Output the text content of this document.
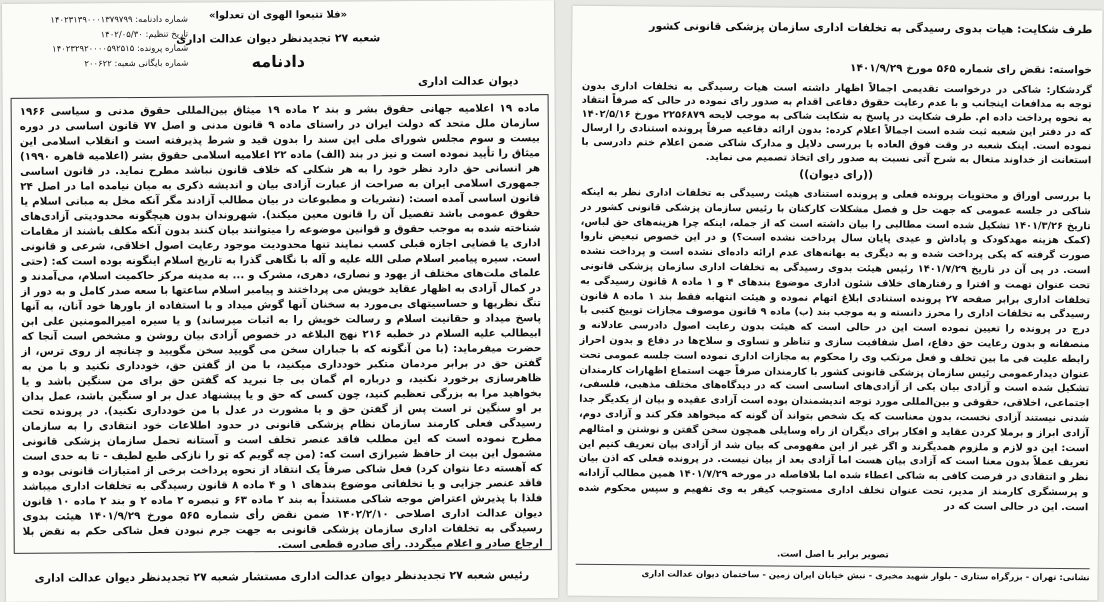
«فلا تتبعوا الهوی ان تعدلوا»
شعبه ۲۷ تجدیدنظر دیوان عدالت اداری
دادنامه
دیوان عدالت اداری
شماره دادنامه: ۱۴۰۲۳۱۳۹۰۰۰۱۳۷۹۷۹۹
تاریخ تنظیم: ۱۴۰۲/۰۵/۳۰
شماره پرونده: ۱۴۰۲۳۲۹۲۰۰۰۰۵۹۲۵۱۵
شماره بایگانی شعبه: ۲۰۰۶۲۲
ماده ۱۹ اعلامیه جهانی حقوق بشر و بند ۲ ماده ۱۹ میثاق بین‌المللی حقوق مدنی و سیاسی ۱۹۶۶ سازمان ملل متحد که دولت ایران در راستای ماده ۹ قانون مدنی و اصل ۷۷ قانون اساسی در دوره بیست و سوم مجلس شورای ملی این سند را بدون قید و شرط پذیرفته است و انقلاب اسلامی این میثاق را تأیید نموده است و نیز در بند (الف) ماده ۲۲ اعلامیه اسلامی حقوق بشر (اعلامیه قاهره ۱۹۹۰) هر انسانی حق دارد نظر خود را به هر شکلی که خلاف قانون نباشد مطرح نماید. در قانون اساسی جمهوری اسلامی ایران به صراحت از عبارت آزادی بیان و اندیشه ذکری به میان نیامده اما در اصل ۲۴ قانون اساسی آمده است: (نشریات و مطبوعات در بیان مطالب آزادند مگر آنکه مخل به مبانی اسلام یا حقوق عمومی باشد تفصیل آن را قانون معین میکند). شهروندان بدون هیچگونه محدودیتی آزادی‌های شناخته شده به موجب حقوق و قوانین موضوعه را میتوانند بیان کنند بدون آنکه مکلف باشند از مقامات اداری یا قضایی اجازه قبلی کسب نمایند تنها محدودیت موجود رعایت اصول اخلاقی، شرعی و قانونی است. سیره پیامبر اسلام صلی الله علیه و آله با نگاهی گذرا به تاریخ اسلام اینگونه بوده است که: (حتی علمای ملت‌های مختلف از یهود و نصاری، دهری، مشرک و ... به مدینه مرکز حاکمیت اسلام، می‌آمدند و در کمال آزادی به اظهار عقاید خویش می پرداختند و پیامبر اسلام ساعتها با سعه صدر کامل و به دور از تنگ نظریها و حساسیتهای بی‌مورد به سخنان آنها گوش میداد و با استفاده از باورها خود آنان، به آنها پاسخ میداد و حقانیت اسلام و رسالت خویش را به اثبات میرساند) و یا سیره امیرالمومنین علی ابن ابیطالب علیه السلام در خطبه ۲۱۶ نهج البلاغه در خصوص آزادی بیان روشن و مشخص است آنجا که حضرت میفرماید: (با من آنگونه که با جباران سخن می گویید سخن مگویید و چنانچه از روی ترس، از گفتن حق در برابر مردمان متکبر خودداری میکنید، با من از گفتن حق، خودداری نکنید و با من به ظاهرسازی برخورد نکنید، و درباره ام گمان بی جا نبرید که گفتن حق برای من سنگین باشد و یا بخواهید مرا به بزرگی تعظیم کنید، چون کسی که حق و یا پیشنهاد عدل بر او سنگین باشد، عمل بدان بر او سنگین تر است پس از گفتن حق و یا مشورت در عدل با من خودداری نکنید). در پرونده تحت رسیدگی فعلی کارمند سازمان نظام پزشکی قانونی در حدود اطلاعات خود انتقادی را به سازمان مطرح نموده است که این مطلب فاقد عنصر تخلف است و آستانه تحمل سازمان پزشکی قانونی مشمول این بیت از حافظ شیرازی است که: (من چه گویم که تو را نازکی طبع لطیف - تا به حدی است که آهسته دعا نتوان کرد) فعل شاکی صرفاً یک انتقاد از نحوه پرداخت برخی از امتیازات قانونی بوده و فاقد عنصر جزایی و یا تخلفاتی موضوع بندهای ۱ و ۴ ماده ۸ قانون رسیدگی به تخلفات اداری میباشد فلذا با پذیرش اعتراض موجه شاکی مستنداً به بند ۲ ماده ۶۳ و تبصره ۲ ماده ۲ و بند ۲ ماده ۱۰ قانون دیوان عدالت اداری اصلاحی ۱۴۰۲/۲/۱۰ ضمن نقض رأی شماره ۵۶۵ مورخ ۱۴۰۱/۹/۲۹ هیئت بدوی رسیدگی به تخلفات اداری سازمان پزشکی قانونی به جهت جرم نبودن فعل شاکی حکم به نقض بلا ارجاع صادر و اعلام میگردد. رأی صادره قطعی است.
رئیس شعبه ۲۷ تجدیدنظر دیوان عدالت اداری مستشار شعبه ۲۷ تجدیدنظر دیوان عدالت اداری
طرف شکایت: هیات بدوی رسیدگی به تخلفات اداری سازمان پزشکی قانونی کشور
خواسته: نقض رای شماره ۵۶۵ مورخ ۱۴۰۱/۹/۲۹
گردشکار: شاکی در درخواست تقدیمی اجمالاً اظهار داشته است هیات رسیدگی به تخلفات اداری بدون توجه به مدافعات اینجانب و با عدم رعایت حقوق دفاعی اقدام به صدور رای نموده در حالی که صرفاً انتقاد به نحوه پرداخت داده ام. طرف شکایت در پاسخ به شکایت شاکی به موجب لایحه ۲۲۵۶۸۷۹ مورخ ۱۴۰۲/۵/۱۶ که در دفتر این شعبه ثبت شده است اجمالاً اعلام کرده: بدون ارائه دفاعیه صرفاً پرونده استنادی را ارسال نموده است. اینک شعبه در وقت فوق العاده با بررسی دلایل و مدارک شاکی ضمن اعلام ختم دادرسی با استعانت از خداوند متعال به شرح آتی نسبت به صدور رای اتخاذ تصمیم می نماید.
((رای دیوان))
با بررسی اوراق و محتویات پرونده فعلی و پرونده استنادی هیئت رسیدگی به تخلفات اداری نظر به اینکه شاکی در جلسه عمومی که جهت حل و فصل مشکلات کارکنان با رئیس سازمان پزشکی قانونی کشور در تاریخ ۱۴۰۱/۳/۲۶ تشکیل شده است مطالبی را بیان داشته است که از جمله، اینکه چرا هزینه‌های حق لباس، (کمک هزینه مهدکودک و پاداش و عیدی پایان سال پرداخت نشده است؟) و در این خصوص تبعیض ناروا صورت گرفته که یکی پرداخت شده و به دیگری به بهانه‌های عدم ارائه داده‌ای نشده است و پرداخت نشده است. در پی آن در تاریخ ۱۴۰۱/۷/۲۹ رئیس هیئت بدوی رسیدگی به تخلفات اداری سازمان پزشکی قانونی تحت عنوان تهمت و افترا و رفتارهای خلاف شئون اداری موضوع بندهای ۴ و ۱ ماده ۸ قانون رسیدگی به تخلفات اداری برابر صفحه ۲۷ پرونده استنادی ابلاغ اتهام نموده و هیئت انتهابه فقط بند ۱ ماده ۸ قانون رسیدگی به تخلفات اداری را محرز دانسته و به موجب بند (ب) ماده ۹ قانون موصوف مجازات توبیخ کتبی با درج در پرونده را تعیین نموده است این در حالی است که هیئت بدون رعایت اصول دادرسی عادلانه و منصفانه و بدون رعایت حق دفاع، اصل شفافیت سازی و تناظر و تساوی و سلاح‌ها در دفاع و بدون احراز رابطه علیت فی ما بین تخلف و فعل مرتکب وی را محکوم به مجازات اداری نموده است جلسه عمومی تحت عنوان دیدارعمومی رئیس سازمان پزشکی قانونی کشور با کارمندان صرفاً جهت استماع اظهارات کارمندان تشکیل شده است و آزادی بیان یکی از آزادی‌های اساسی است که در دیدگاه‌های مختلف مذهبی، فلسفی، اجتماعی، اخلاقی، حقوقی و بین‌المللی مورد توجه اندیشمندان بوده است آزادی عقیده و بیان از یکدیگر جدا شدنی نیستند آزادی نخست، بدون معناست که یک شخص بتواند آن گونه که میخواهد فکر کند و آزادی دوم، آزادی ابراز و برملا کردن عقاید و افکار برای دیگران از راه وسایلی همچون سخن گفتن و نوشتن و امثالهم است: این دو لازم و ملزوم همدیگرند و اگر غیر از این مفهومی که بیان شد از آزادی بیان تعریف کنیم این تعریف عملاً بدون معنا است که آزادی بیان هست اما آزادی بعد از بیان نیست. در پرونده فعلی که اذن بیان نظر و انتقادی در فرصت کافی به شاکی اعطاء شده اما بلافاصله در مورخه ۱۴۰۱/۷/۲۹ همین مطالب آزادانه و پرسشگری کارمند از مدیر، تحت عنوان تخلف اداری مستوجب کیفر به وی تفهیم و سپس محکوم شده است. این در حالی است که در
تصویر برابر با اصل است.
نشانی: تهران - بزرگراه ستاری - بلوار شهید مخبری - نبش خیابان ایران زمین - ساختمان دیوان عدالت اداری
